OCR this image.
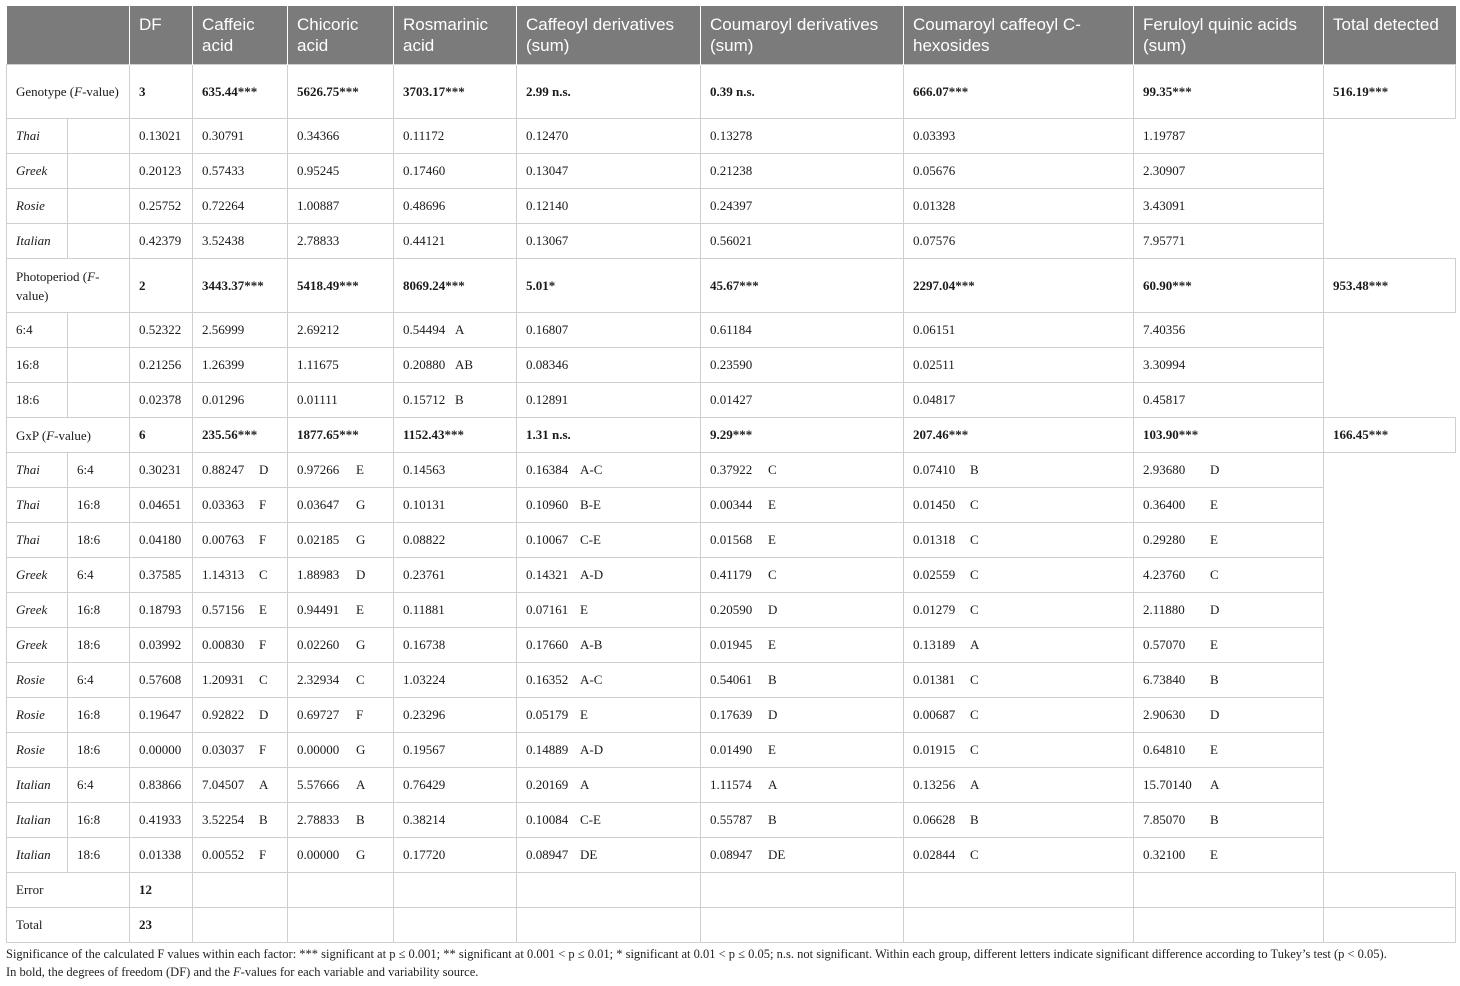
		DF	Caffeic acid	Chicoric acid	Rosmarinic acid	Caffeoyl derivatives (sum)	Coumaroyl derivatives (sum)	Coumaroyl caffeoyl C-hexosides	Feruloyl quinic acids (sum)	Total detected
Genotype (F-value)		3	635.44***	5626.75***	3703.17***	2.99 n.s.	0.39 n.s.	666.07***	99.35***	516.19***
Thai		0.13021	0.30791	0.34366	0.11172	0.12470	0.13278	0.03393	1.19787	
Greek		0.20123	0.57433	0.95245	0.17460	0.13047	0.21238	0.05676	2.30907	
Rosie		0.25752	0.72264	1.00887	0.48696	0.12140	0.24397	0.01328	3.43091	
Italian		0.42379	3.52438	2.78833	0.44121	0.13067	0.56021	0.07576	7.95771	
Photoperiod (F-value)		2	3443.37***	5418.49***	8069.24***	5.01*	45.67***	2297.04***	60.90***	953.48***
6:4		0.52322	2.56999	2.69212	0.54494 A	0.16807	0.61184	0.06151	7.40356	
16:8		0.21256	1.26399	1.11675	0.20880 AB	0.08346	0.23590	0.02511	3.30994	
18:6		0.02378	0.01296	0.01111	0.15712 B	0.12891	0.01427	0.04817	0.45817	
GxP (F-value)		6	235.56***	1877.65***	1152.43***	1.31 n.s.	9.29***	207.46***	103.90***	166.45***
Thai	6:4	0.30231	0.88247 D	0.97266 E	0.14563	0.16384 A-C	0.37922 C	0.07410 B	2.93680 D	
Thai	16:8	0.04651	0.03363 F	0.03647 G	0.10131	0.10960 B-E	0.00344 E	0.01450 C	0.36400 E	
Thai	18:6	0.04180	0.00763 F	0.02185 G	0.08822	0.10067 C-E	0.01568 E	0.01318 C	0.29280 E	
Greek	6:4	0.37585	1.14313 C	1.88983 D	0.23761	0.14321 A-D	0.41179 C	0.02559 C	4.23760 C	
Greek	16:8	0.18793	0.57156 E	0.94491 E	0.11881	0.07161 E	0.20590 D	0.01279 C	2.11880 D	
Greek	18:6	0.03992	0.00830 F	0.02260 G	0.16738	0.17660 A-B	0.01945 E	0.13189 A	0.57070 E	
Rosie	6:4	0.57608	1.20931 C	2.32934 C	1.03224	0.16352 A-C	0.54061 B	0.01381 C	6.73840 B	
Rosie	16:8	0.19647	0.92822 D	0.69727 F	0.23296	0.05179 E	0.17639 D	0.00687 C	2.90630 D	
Rosie	18:6	0.00000	0.03037 F	0.00000 G	0.19567	0.14889 A-D	0.01490 E	0.01915 C	0.64810 E	
Italian	6:4	0.83866	7.04507 A	5.57666 A	0.76429	0.20169 A	1.11574 A	0.13256 A	15.70140 A	
Italian	16:8	0.41933	3.52254 B	2.78833 B	0.38214	0.10084 C-E	0.55787 B	0.06628 B	7.85070 B	
Italian	18:6	0.01338	0.00552 F	0.00000 G	0.17720	0.08947 DE	0.08947 DE	0.02844 C	0.32100 E	
Error		12								
Total		23								
Significance of the calculated F values within each factor: *** significant at p ≤ 0.001; ** significant at 0.001 < p ≤ 0.01; * significant at 0.01 < p ≤ 0.05; n.s. not significant. Within each group, different letters indicate significant difference according to Tukey’s test (p < 0.05).
In bold, the degrees of freedom (DF) and the F-values for each variable and variability source.
